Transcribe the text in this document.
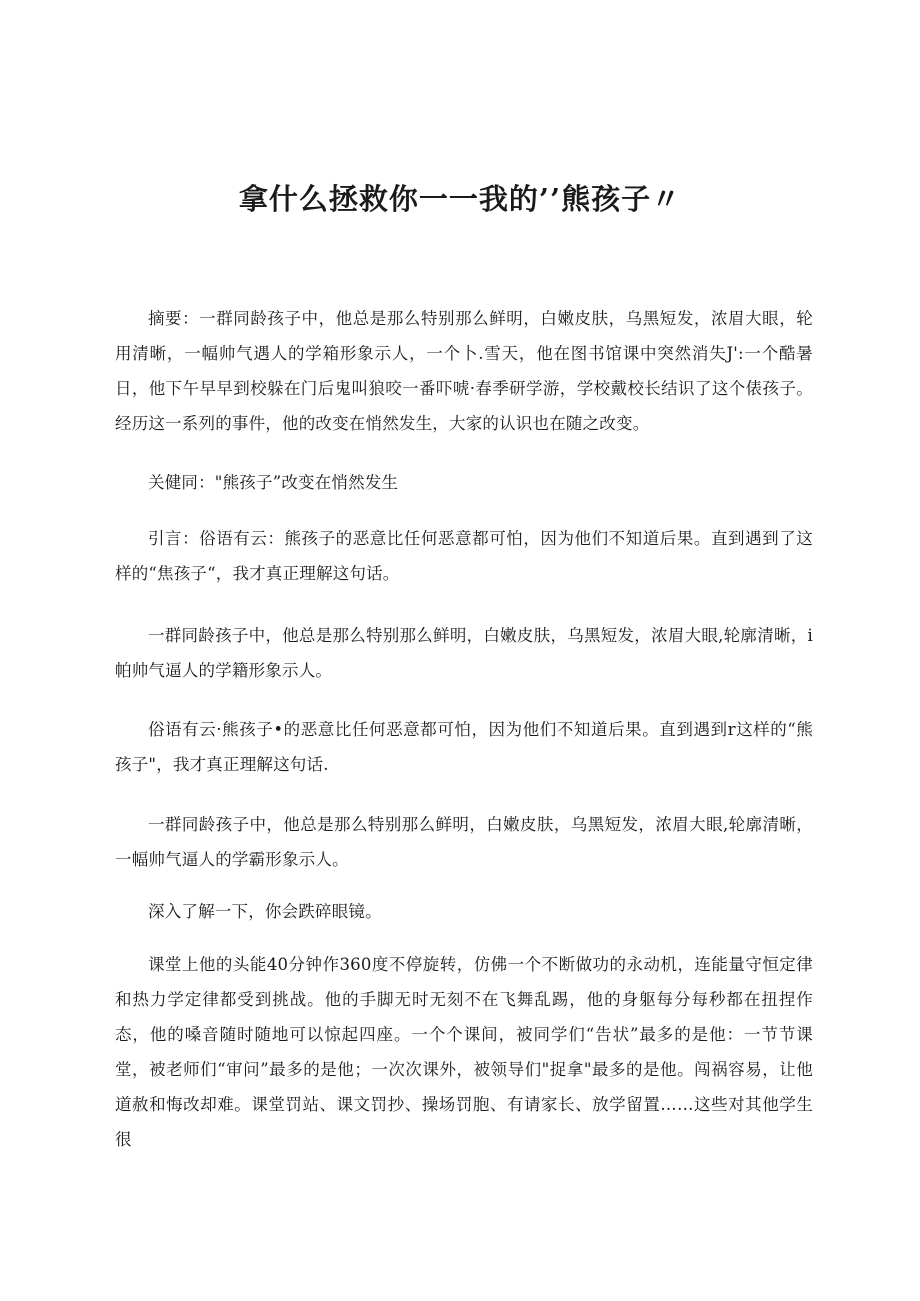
拿什么拯救你一一我的’’熊孩子〃

摘要：一群同龄孩子中，他总是那么特别那么鲜明，白嫩皮肤，乌黑短发，浓眉大眼，轮用清晰，一幅帅气遇人的学箱形象示人，一个卜.雪天，他在图书馆课中突然消失J':一个酷暑日，他下午早早到校躲在门后鬼叫狼咬一番吓唬·春季研学游，学校戴校长结识了这个俵孩子。经历这一系列的事件，他的改变在悄然发生，大家的认识也在随之改变。

关健同："熊孩子”改变在悄然发生

引言：俗语有云：熊孩子的恶意比任何恶意都可怕，因为他们不知道后果。直到遇到了这样的“焦孩子“，我才真正理解这句话。

一群同龄孩子中，他总是那么特别那么鲜明，白嫩皮肤，乌黑短发，浓眉大眼,轮廓清晰，i帕帅气逼人的学籍形象示人。

俗语有云·熊孩子•的恶意比任何恶意都可怕，因为他们不知道后果。直到遇到r这样的“熊孩子"，我才真正理解这句话.

一群同龄孩子中，他总是那么特别那么鲜明，白嫩皮肤，乌黑短发，浓眉大眼,轮廓清晰，一幅帅气逼人的学霸形象示人。

深入了解一下，你会跌碎眼镜。

课堂上他的头能40分钟作360度不停旋转，仿佛一个不断做功的永动机，连能量守恒定律和热力学定律都受到挑战。他的手脚无时无刻不在飞舞乱踢，他的身躯每分每秒都在扭捏作态，他的嗓音随时随地可以惊起四座。一个个课间，被同学们“告状”最多的是他：一节节课堂，被老师们“审问”最多的是他；一次次课外，被领导们"捉拿"最多的是他。闯祸容易，让他道赦和悔改却难。课堂罚站、课文罚抄、操场罚胞、有请家长、放学留置……这些对其他学生很
